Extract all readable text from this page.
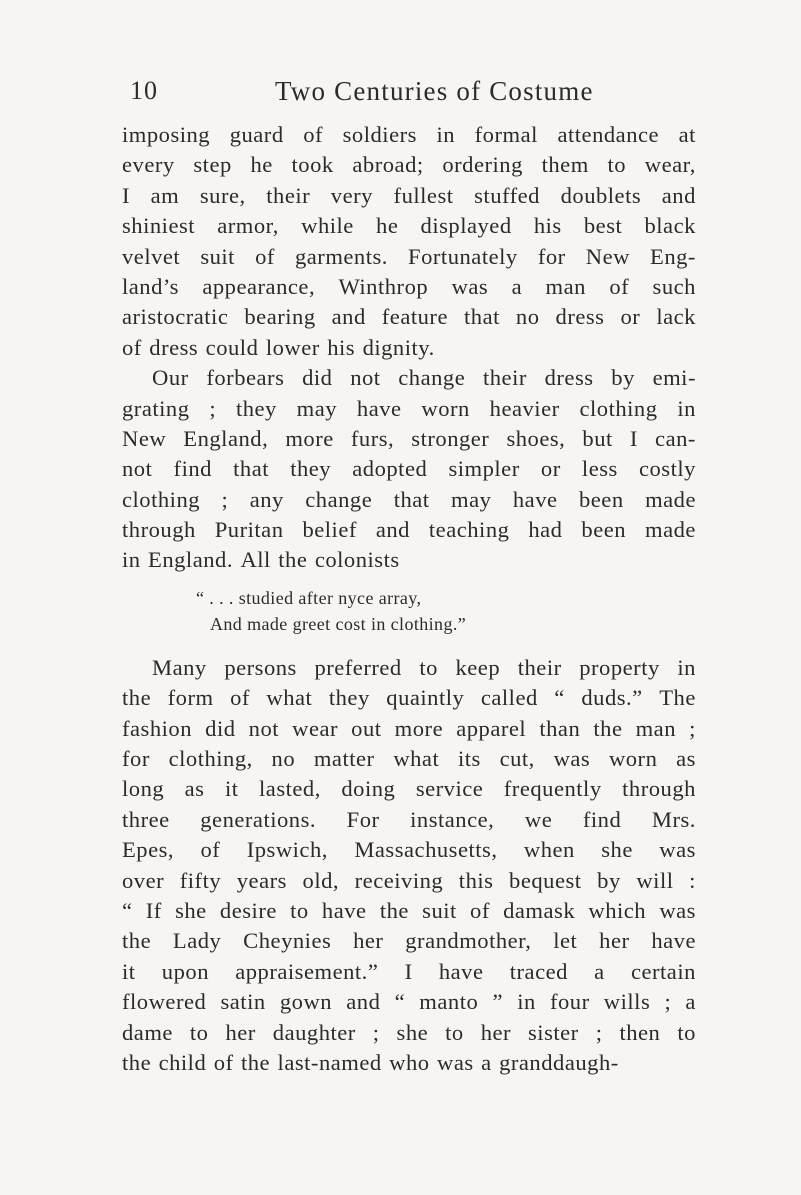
10	Two Centuries of Costume
imposing guard of soldiers in formal attendance at
every step he took abroad; ordering them to wear,
I am sure, their very fullest stuffed doublets and
shiniest armor, while he displayed his best black
velvet suit of garments. Fortunately for New Eng-
land’s appearance, Winthrop was a man of such
aristocratic bearing and feature that no dress or lack
of dress could lower his dignity.
Our forbears did not change their dress by emi-
grating ; they may have worn heavier clothing in
New England, more furs, stronger shoes, but I can-
not find that they adopted simpler or less costly
clothing ; any change that may have been made
through Puritan belief and teaching had been made
in England. All the colonists
“ . . . studied after nyce array,
And made greet cost in clothing.”
Many persons preferred to keep their property in
the form of what they quaintly called “ duds.” The
fashion did not wear out more apparel than the man ;
for clothing, no matter what its cut, was worn as
long as it lasted, doing service frequently through
three generations. For instance, we find Mrs.
Epes, of Ipswich, Massachusetts, when she was
over fifty years old, receiving this bequest by will :
“ If she desire to have the suit of damask which was
the Lady Cheynies her grandmother, let her have
it upon appraisement.” I have traced a certain
flowered satin gown and “ manto ” in four wills ; a
dame to her daughter ; she to her sister ; then to
the child of the last-named who was a granddaugh-
